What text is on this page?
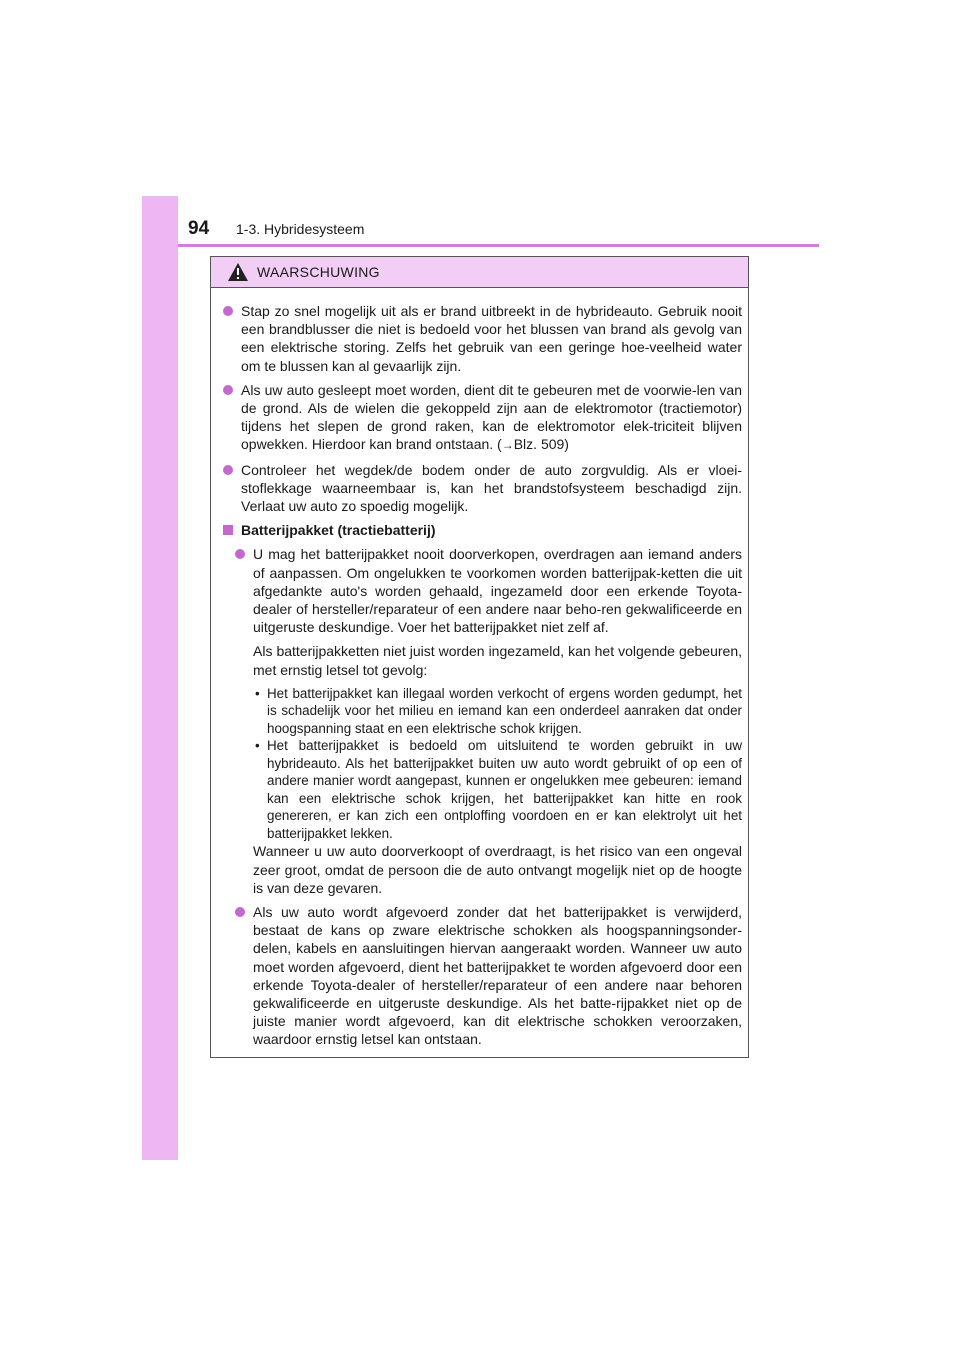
94 1-3. Hybridesysteem
WAARSCHUWING
Stap zo snel mogelijk uit als er brand uitbreekt in de hybrideauto. Gebruik nooit een brandblusser die niet is bedoeld voor het blussen van brand als gevolg van een elektrische storing. Zelfs het gebruik van een geringe hoe-veelheid water om te blussen kan al gevaarlijk zijn.
Als uw auto gesleept moet worden, dient dit te gebeuren met de voorwie-len van de grond. Als de wielen die gekoppeld zijn aan de elektromotor (tractiemotor) tijdens het slepen de grond raken, kan de elektromotor elek-triciteit blijven opwekken. Hierdoor kan brand ontstaan. (→Blz. 509)
Controleer het wegdek/de bodem onder de auto zorgvuldig. Als er vloei-stoflekkage waarneembaar is, kan het brandstofsysteem beschadigd zijn. Verlaat uw auto zo spoedig mogelijk.
Batterijpakket (tractiebatterij)
U mag het batterijpakket nooit doorverkopen, overdragen aan iemand anders of aanpassen. Om ongelukken te voorkomen worden batterijpak-ketten die uit afgedankte auto's worden gehaald, ingezameld door een erkende Toyota-dealer of hersteller/reparateur of een andere naar beho-ren gekwalificeerde en uitgeruste deskundige. Voer het batterijpakket niet zelf af.
Als batterijpakketten niet juist worden ingezameld, kan het volgende gebeuren, met ernstig letsel tot gevolg:
• Het batterijpakket kan illegaal worden verkocht of ergens worden gedumpt, het is schadelijk voor het milieu en iemand kan een onderdeel aanraken dat onder hoogspanning staat en een elektrische schok krijgen.
• Het batterijpakket is bedoeld om uitsluitend te worden gebruikt in uw hybrideauto. Als het batterijpakket buiten uw auto wordt gebruikt of op een of andere manier wordt aangepast, kunnen er ongelukken mee gebeuren: iemand kan een elektrische schok krijgen, het batterijpakket kan hitte en rook genereren, er kan zich een ontploffing voordoen en er kan elektrolyt uit het batterijpakket lekken.
Wanneer u uw auto doorverkoopt of overdraagt, is het risico van een ongeval zeer groot, omdat de persoon die de auto ontvangt mogelijk niet op de hoogte is van deze gevaren.
Als uw auto wordt afgevoerd zonder dat het batterijpakket is verwijderd, bestaat de kans op zware elektrische schokken als hoogspanningsonder-delen, kabels en aansluitingen hiervan aangeraakt worden. Wanneer uw auto moet worden afgevoerd, dient het batterijpakket te worden afgevoerd door een erkende Toyota-dealer of hersteller/reparateur of een andere naar behoren gekwalificeerde en uitgeruste deskundige. Als het batte-rijpakket niet op de juiste manier wordt afgevoerd, kan dit elektrische schokken veroorzaken, waardoor ernstig letsel kan ontstaan.
